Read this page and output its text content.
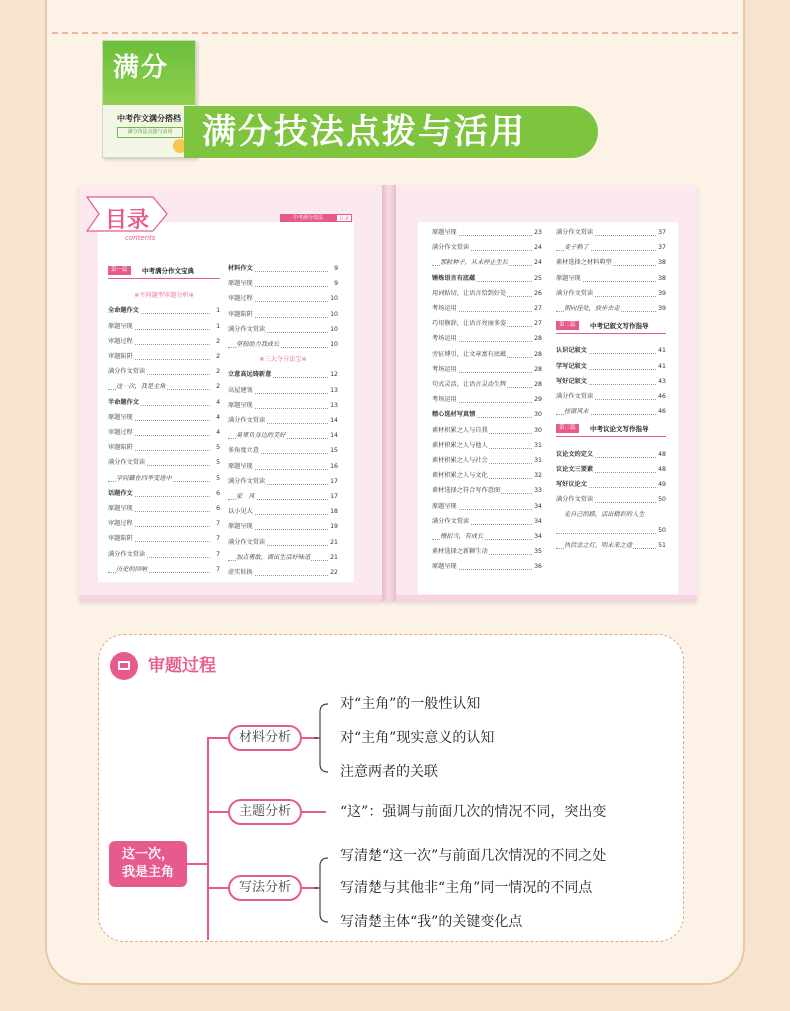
满分
中考作文满分搭档
满分技法点拨与活用 满分技法点拨与活用
目录
contents
中考满分技法	目录
第一篇	中考满分作文宝典
※不同题型审题分析※
全命题作文	1
原题呈现	1
审题过程	2
审题陷阱	2
满分作文赏读	2
这一次，我是主角	2
半命题作文	4
原题呈现	4
审题过程	4
审题陷阱	5
满分作文赏读	5
学问藏在四季变迭中	5
话题作文	6
原题呈现	6
审题过程	7
审题陷阱	7
满分作文赏读	7
历史的回响	7
材料作文	9
原题呈现	9
审题过程	10
审题陷阱	10
满分作文赏读	10
坚韧助力我成长	10
※三大夺分法宝※
立意高远铸新意	12
高屋建瓴	13
原题呈现	13
满分作文赏读	14
莫辜负身边的美好	14
多角度立意	15
原题呈现	16
满分作文赏读	17
家　风	17
以小见大	18
原题呈现	19
满分作文赏读	21
加点勇敢，调出生活好味道	21
虚实转换	22
原题呈现	23
满分作文赏读	24
那粒种子，从未停止生长	24
锤炼语言有底蕴	25
用词贴切，让语言恰到好处	26
考场运用	27
巧用修辞，让语言亮丽多姿	27
考场运用	28
旁征博引，让文章富有底蕴	28
考场运用	28
句式灵活，让语言灵动生辉	28
考场运用	29
精心选材写真情	30
素材积累之人与自我	30
素材积累之人与他人	31
素材积累之人与社会	31
素材积累之人与文化	32
素材选择之符合写作意图	33
原题呈现	34
满分作文赏读	34
慢扣当，有成长	34
素材选择之新颖生动	35
原题呈现	36
满分作文赏读	37
麦子熟了	37
素材选择之材料典型	38
原题呈现	38
满分作文赏读	39
朝向佳处，放步去走	39
第二篇	中考记叙文写作指导
认识记叙文	41
学写记叙文	41
写好记叙文	43
满分作文赏读	46
拯窗风未	46
第三篇	中考议论文写作指导
议论文的定义	48
议论文三要素	48
写好议论文	49
满分作文赏读	50
走自己的路，活出精彩的人生
50
执信念之灯，明未来之途	51
审题过程
这一次，
我是主角
材料分析
主题分析
写法分析
对“主角”的一般性认知
对“主角”现实意义的认知
注意两者的关联
“这”：强调与前面几次的情况不同，突出变
写清楚“这一次”与前面几次情况的不同之处
写清楚与其他非“主角”同一情况的不同点
写清楚主体“我”的关键变化点
